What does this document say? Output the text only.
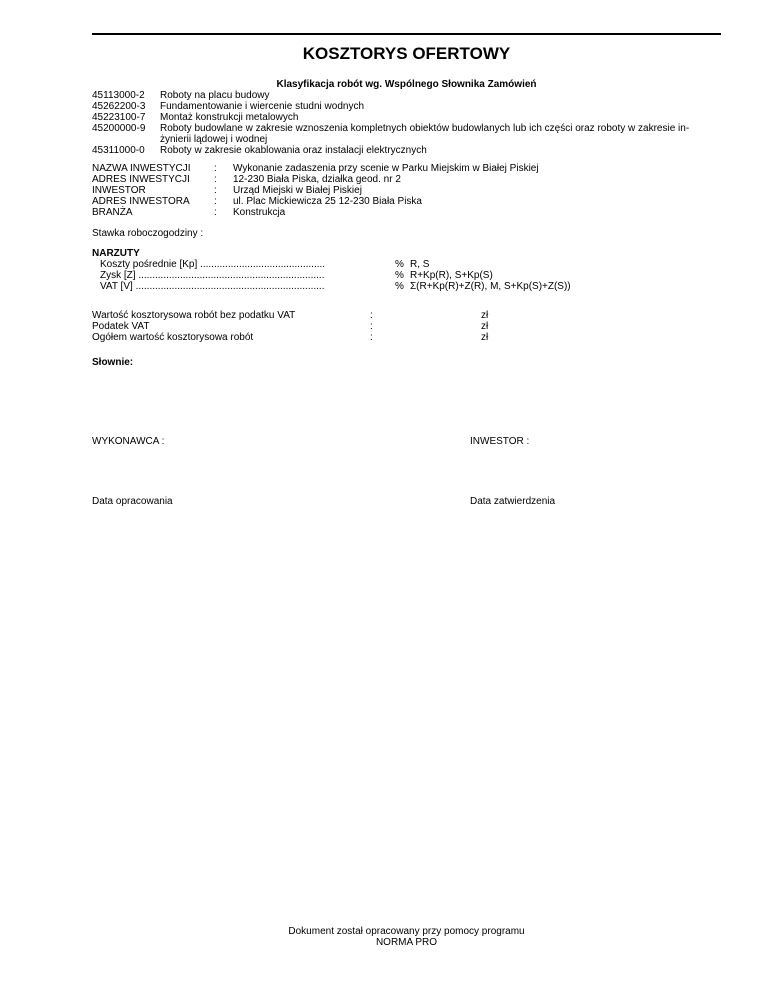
KOSZTORYS OFERTOWY
Klasyfikacja robót wg. Wspólnego Słownika Zamówień
45113000-2	Roboty na placu budowy
45262200-3	Fundamentowanie i wiercenie studni wodnych
45223100-7	Montaż konstrukcji metalowych
45200000-9	Roboty budowlane w zakresie wznoszenia kompletnych obiektów budowlanych lub ich części oraz roboty w zakresie in-żynierii lądowej i wodnej
45311000-0	Roboty w zakresie okablowania oraz instalacji elektrycznych
NAZWA INWESTYCJI : Wykonanie zadaszenia przy scenie w Parku Miejskim w Białej Piskiej
ADRES INWESTYCJI : 12-230 Biała Piska, działka geod. nr 2
INWESTOR	: Urząd Miejski w Białej Piskiej
ADRES INWESTORA : ul. Plac Mickiewicza 25 12-230 Biała Piska
BRANŻA	: Konstrukcja
Stawka roboczogodziny :
NARZUTY
Koszty pośrednie [Kp] .............................................	% R, S
Zysk [Z] ...................................................................	% R+Kp(R), S+Kp(S)
VAT [V] ....................................................................	% Σ(R+Kp(R)+Z(R), M, S+Kp(S)+Z(S))
Wartość kosztorysowa robót bez podatku VAT	:	zł
Podatek VAT	:	zł
Ogółem wartość kosztorysowa robót	:	zł
Słownie:
WYKONAWCA :	INWESTOR :
Data opracowania	Data zatwierdzenia
Dokument został opracowany przy pomocy programu
NORMA PRO
